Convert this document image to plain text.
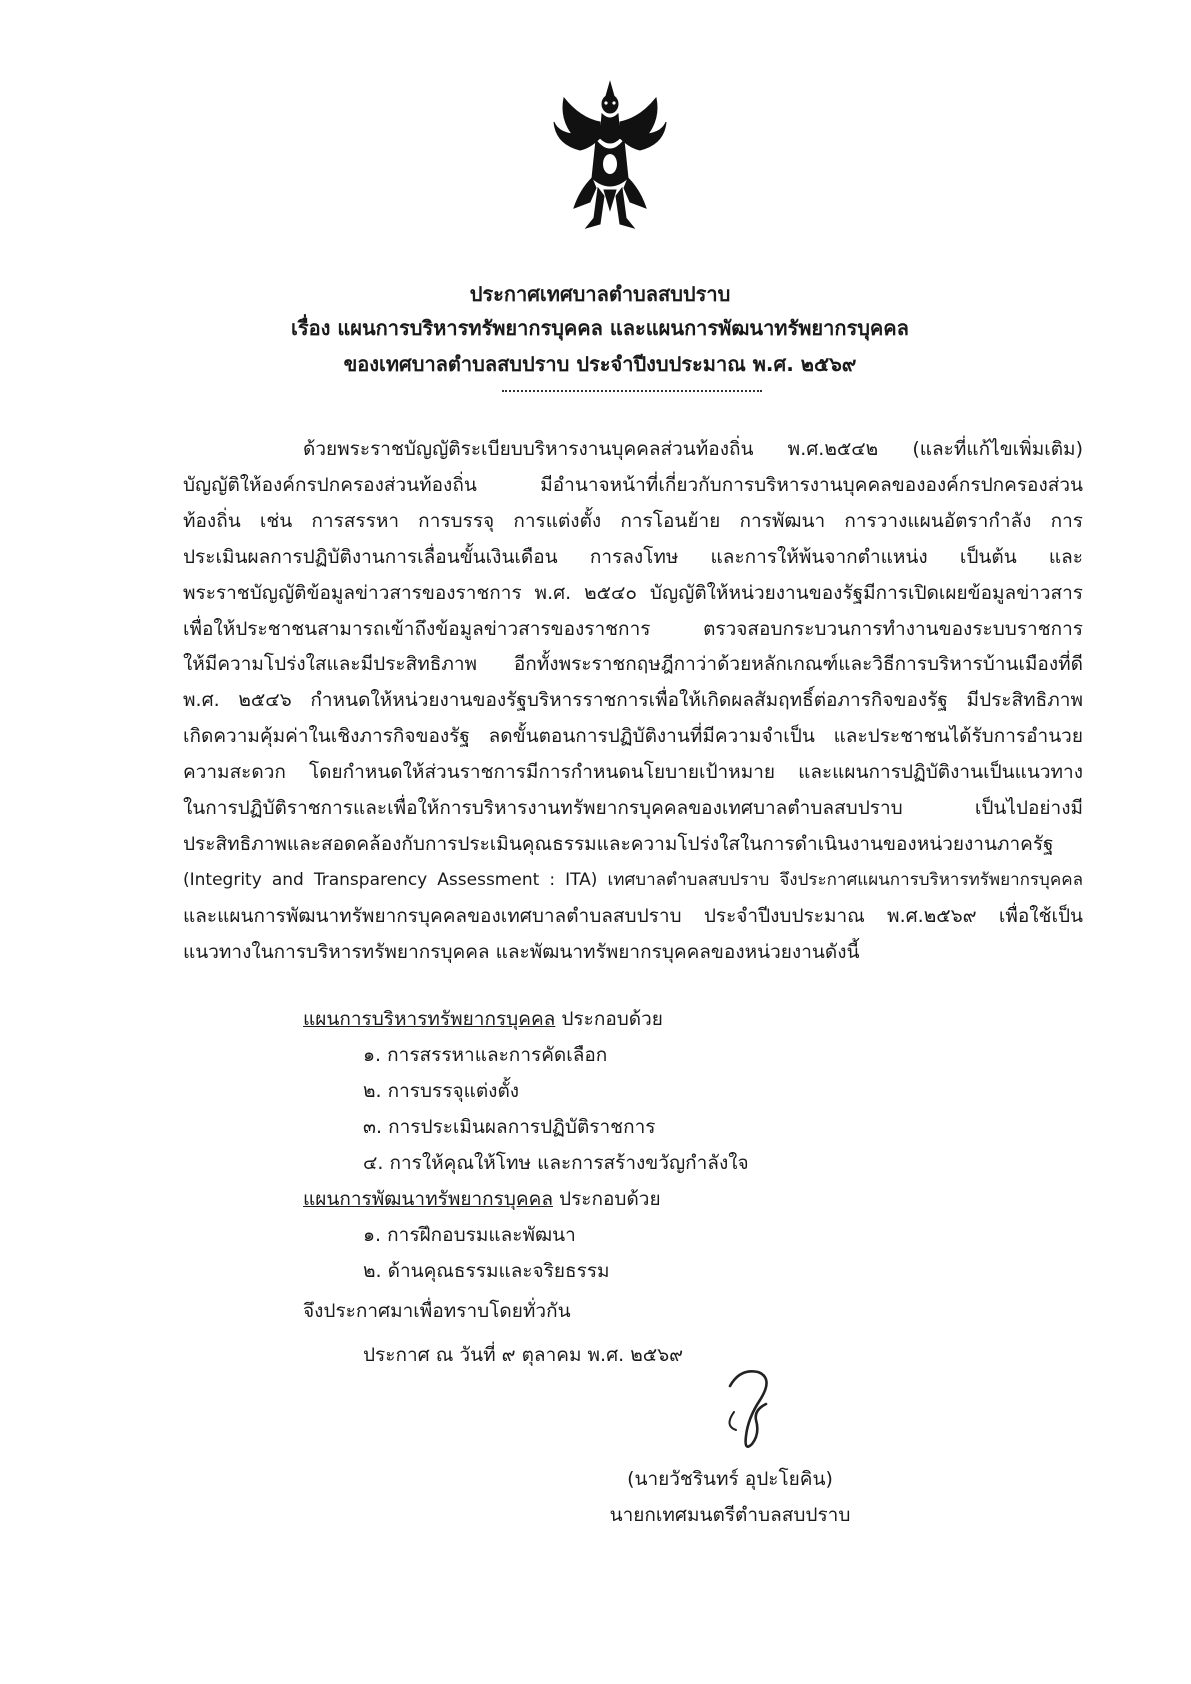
ประกาศเทศบาลตำบลสบปราบ
เรื่อง แผนการบริหารทรัพยากรบุคคล และแผนการพัฒนาทรัพยากรบุคคล
ของเทศบาลตำบลสบปราบ ประจำปีงบประมาณ พ.ศ. ๒๕๖๙
ด้วยพระราชบัญญัติระเบียบบริหารงานบุคคลส่วนท้องถิ่น พ.ศ.๒๕๔๒ (และที่แก้ไขเพิ่มเติม)
บัญญัติให้องค์กรปกครองส่วนท้องถิ่น มีอำนาจหน้าที่เกี่ยวกับการบริหารงานบุคคลขององค์กรปกครองส่วน
ท้องถิ่น เช่น การสรรหา การบรรจุ การแต่งตั้ง การโอนย้าย การพัฒนา การวางแผนอัตรากำลัง การ
ประเมินผลการปฏิบัติงานการเลื่อนขั้นเงินเดือน การลงโทษ และการให้พ้นจากตำแหน่ง เป็นต้น และ
พระราชบัญญัติข้อมูลข่าวสารของราชการ พ.ศ. ๒๕๔๐ บัญญัติให้หน่วยงานของรัฐมีการเปิดเผยข้อมูลข่าวสาร
เพื่อให้ประชาชนสามารถเข้าถึงข้อมูลข่าวสารของราชการ ตรวจสอบกระบวนการทำงานของระบบราชการ
ให้มีความโปร่งใสและมีประสิทธิภาพ อีกทั้งพระราชกฤษฎีกาว่าด้วยหลักเกณฑ์และวิธีการบริหารบ้านเมืองที่ดี
พ.ศ. ๒๕๔๖ กำหนดให้หน่วยงานของรัฐบริหารราชการเพื่อให้เกิดผลสัมฤทธิ์ต่อภารกิจของรัฐ มีประสิทธิภาพ
เกิดความคุ้มค่าในเชิงภารกิจของรัฐ ลดขั้นตอนการปฏิบัติงานที่มีความจำเป็น และประชาชนได้รับการอำนวย
ความสะดวก โดยกำหนดให้ส่วนราชการมีการกำหนดนโยบายเป้าหมาย และแผนการปฏิบัติงานเป็นแนวทาง
ในการปฏิบัติราชการและเพื่อให้การบริหารงานทรัพยากรบุคคลของเทศบาลตำบลสบปราบ เป็นไปอย่างมี
ประสิทธิภาพและสอดคล้องกับการประเมินคุณธรรมและความโปร่งใสในการดำเนินงานของหน่วยงานภาครัฐ
(Integrity and Transparency Assessment : ITA) เทศบาลตำบลสบปราบ จึงประกาศแผนการบริหารทรัพยากรบุคคล
และแผนการพัฒนาทรัพยากรบุคคลของเทศบาลตำบลสบปราบ ประจำปีงบประมาณ พ.ศ.๒๕๖๙ เพื่อใช้เป็น
แนวทางในการบริหารทรัพยากรบุคคล และพัฒนาทรัพยากรบุคคลของหน่วยงานดังนี้
แผนการบริหารทรัพยากรบุคคล ประกอบด้วย
๑. การสรรหาและการคัดเลือก
๒. การบรรจุแต่งตั้ง
๓. การประเมินผลการปฏิบัติราชการ
๔. การให้คุณให้โทษ และการสร้างขวัญกำลังใจ
แผนการพัฒนาทรัพยากรบุคคล ประกอบด้วย
๑. การฝึกอบรมและพัฒนา
๒. ด้านคุณธรรมและจริยธรรม
จึงประกาศมาเพื่อทราบโดยทั่วกัน
ประกาศ ณ วันที่ ๙ ตุลาคม พ.ศ. ๒๕๖๙
(นายวัชรินทร์ อุปะโยคิน)
นายกเทศมนตรีตำบลสบปราบ
